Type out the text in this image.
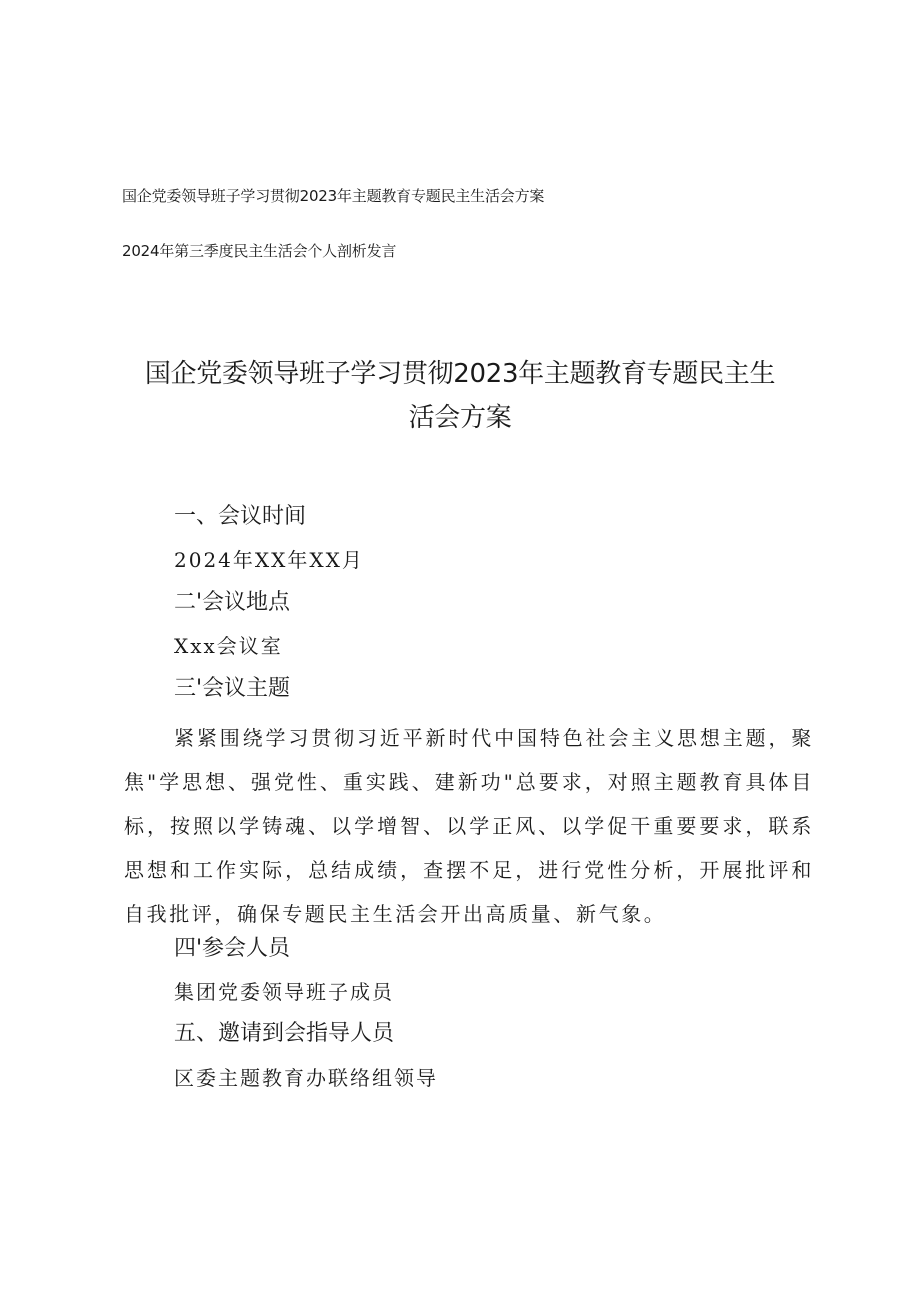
国企党委领导班子学习贯彻2023年主题教育专题民主生活会方案
2024年第三季度民主生活会个人剖析发言
国企党委领导班子学习贯彻2023年主题教育专题民主生
活会方案
一、会议时间
2024年XX年XX月
二'会议地点
Xxx会议室
三'会议主题
紧紧围绕学习贯彻习近平新时代中国特色社会主义思想主题，聚焦"学思想、强党性、重实践、建新功"总要求，对照主题教育具体目标，按照以学铸魂、以学增智、以学正风、以学促干重要要求，联系思想和工作实际，总结成绩，查摆不足，进行党性分析，开展批评和自我批评，确保专题民主生活会开出高质量、新气象。
四'参会人员
集团党委领导班子成员
五、邀请到会指导人员
区委主题教育办联络组领导
